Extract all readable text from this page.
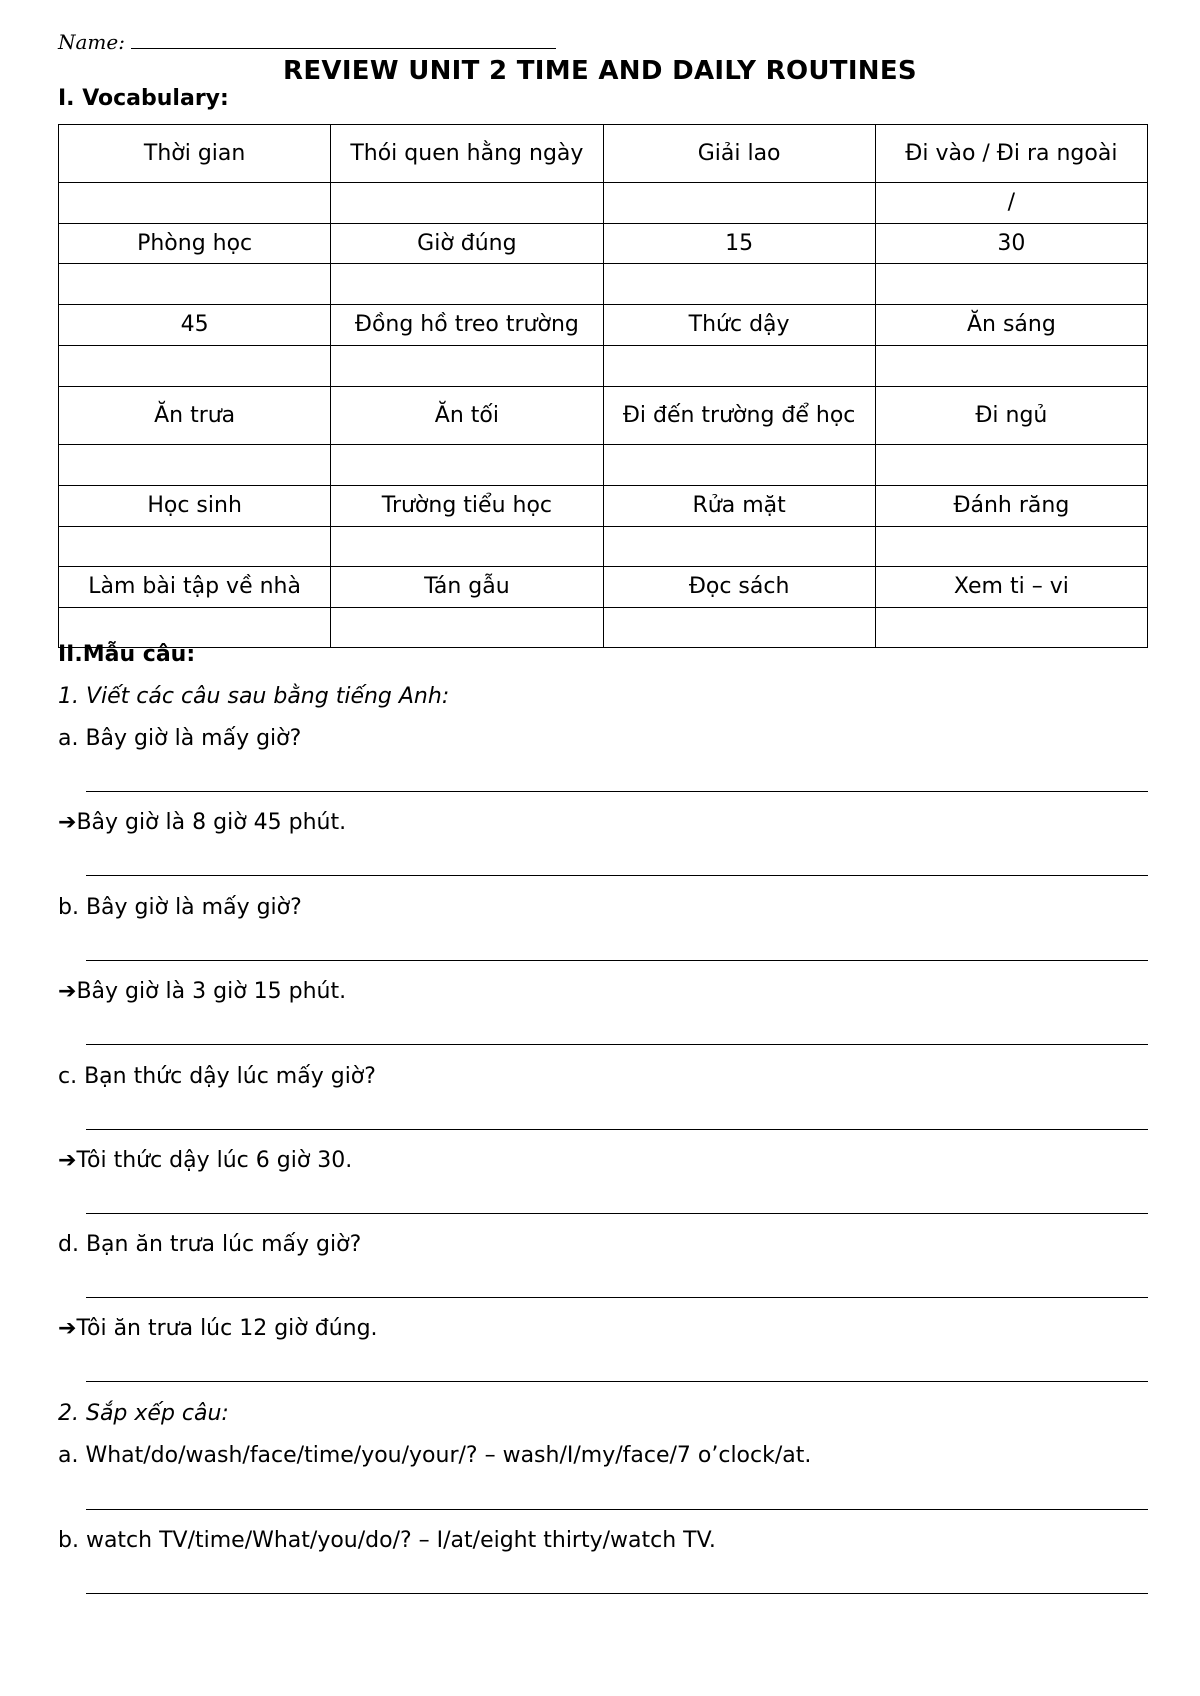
Name:
REVIEW UNIT 2 TIME AND DAILY ROUTINES
I. Vocabulary:
Thời gian	Thói quen hằng ngày	Giải lao	Đi vào / Đi ra ngoài
			/
Phòng học	Giờ đúng	15	30

45	Đồng hồ treo trường	Thức dậy	Ăn sáng

Ăn trưa	Ăn tối	Đi đến trường để học	Đi ngủ

Học sinh	Trường tiểu học	Rửa mặt	Đánh răng

Làm bài tập về nhà	Tán gẫu	Đọc sách	Xem ti – vi

II.Mẫu câu:
1. Viết các câu sau bằng tiếng Anh:
a. Bây giờ là mấy giờ?
➔Bây giờ là 8 giờ 45 phút.
b. Bây giờ là mấy giờ?
➔Bây giờ là 3 giờ 15 phút.
c. Bạn thức dậy lúc mấy giờ?
➔Tôi thức dậy lúc 6 giờ 30.
d. Bạn ăn trưa lúc mấy giờ?
➔Tôi ăn trưa lúc 12 giờ đúng.
2. Sắp xếp câu:
a. What/do/wash/face/time/you/your/? – wash/I/my/face/7 o’clock/at.
b. watch TV/time/What/you/do/? – I/at/eight thirty/watch TV.
